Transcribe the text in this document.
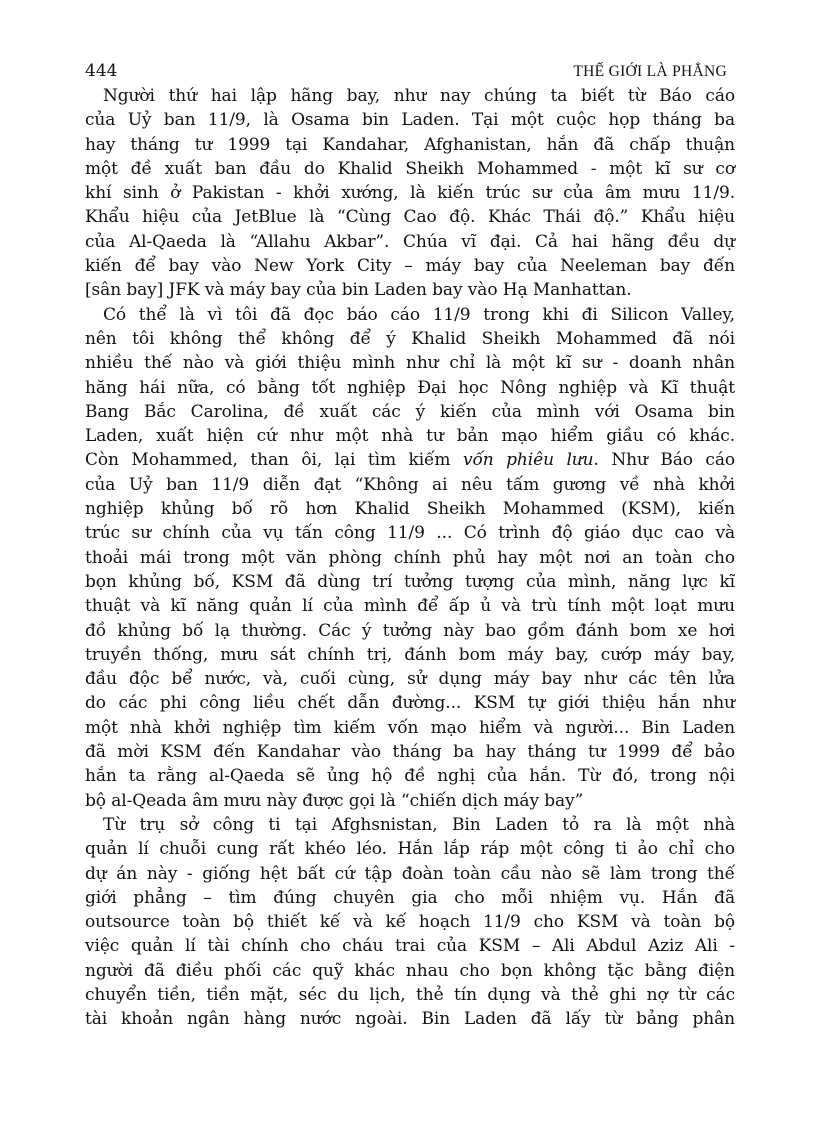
444	THẾ GIỚI LÀ PHẲNG
Người thứ hai lập hãng bay, như nay chúng ta biết từ Báo cáo
của Uỷ ban 11/9, là Osama bin Laden. Tại một cuộc họp tháng ba
hay tháng tư 1999 tại Kandahar, Afghanistan, hắn đã chấp thuận
một đề xuất ban đầu do Khalid Sheikh Mohammed - một kĩ sư cơ
khí sinh ở Pakistan - khởi xướng, là kiến trúc sư của âm mưu 11/9.
Khẩu hiệu của JetBlue là “Cùng Cao độ. Khác Thái độ.” Khẩu hiệu
của Al-Qaeda là “Allahu Akbar”. Chúa vĩ đại. Cả hai hãng đều dự
kiến để bay vào New York City – máy bay của Neeleman bay đến
[sân bay] JFK và máy bay của bin Laden bay vào Hạ Manhattan.
Có thể là vì tôi đã đọc báo cáo 11/9 trong khi đi Silicon Valley,
nên tôi không thể không để ý Khalid Sheikh Mohammed đã nói
nhiều thế nào và giới thiệu mình như chỉ là một kĩ sư - doanh nhân
hăng hái nữa, có bằng tốt nghiệp Đại học Nông nghiệp và Kĩ thuật
Bang Bắc Carolina, đề xuất các ý kiến của mình với Osama bin
Laden, xuất hiện cứ như một nhà tư bản mạo hiểm giầu có khác.
Còn Mohammed, than ôi, lại tìm kiếm vốn phiêu lưu. Như Báo cáo
của Uỷ ban 11/9 diễn đạt “Không ai nêu tấm gương về nhà khởi
nghiệp khủng bố rõ hơn Khalid Sheikh Mohammed (KSM), kiến
trúc sư chính của vụ tấn công 11/9 ... Có trình độ giáo dục cao và
thoải mái trong một văn phòng chính phủ hay một nơi an toàn cho
bọn khủng bố, KSM đã dùng trí tưởng tượng của mình, năng lực kĩ
thuật và kĩ năng quản lí của mình để ấp ủ và trù tính một loạt mưu
đồ khủng bố lạ thường. Các ý tưởng này bao gồm đánh bom xe hơi
truyền thống, mưu sát chính trị, đánh bom máy bay, cướp máy bay,
đầu độc bể nước, và, cuối cùng, sử dụng máy bay như các tên lửa
do các phi công liều chết dẫn đường... KSM tự giới thiệu hắn như
một nhà khởi nghiệp tìm kiếm vốn mạo hiểm và người... Bin Laden
đã mời KSM đến Kandahar vào tháng ba hay tháng tư 1999 để bảo
hắn ta rằng al-Qaeda sẽ ủng hộ đề nghị của hắn. Từ đó, trong nội
bộ al-Qeada âm mưu này được gọi là “chiến dịch máy bay”
Từ trụ sở công ti tại Afghsnistan, Bin Laden tỏ ra là một nhà
quản lí chuỗi cung rất khéo léo. Hắn lắp ráp một công ti ảo chỉ cho
dự án này - giống hệt bất cứ tập đoàn toàn cầu nào sẽ làm trong thế
giới phẳng – tìm đúng chuyên gia cho mỗi nhiệm vụ. Hắn đã
outsource toàn bộ thiết kế và kế hoạch 11/9 cho KSM và toàn bộ
việc quản lí tài chính cho cháu trai của KSM – Ali Abdul Aziz Ali -
người đã điều phối các quỹ khác nhau cho bọn không tặc bằng điện
chuyển tiền, tiền mặt, séc du lịch, thẻ tín dụng và thẻ ghi nợ từ các
tài khoản ngân hàng nước ngoài. Bin Laden đã lấy từ bảng phân
